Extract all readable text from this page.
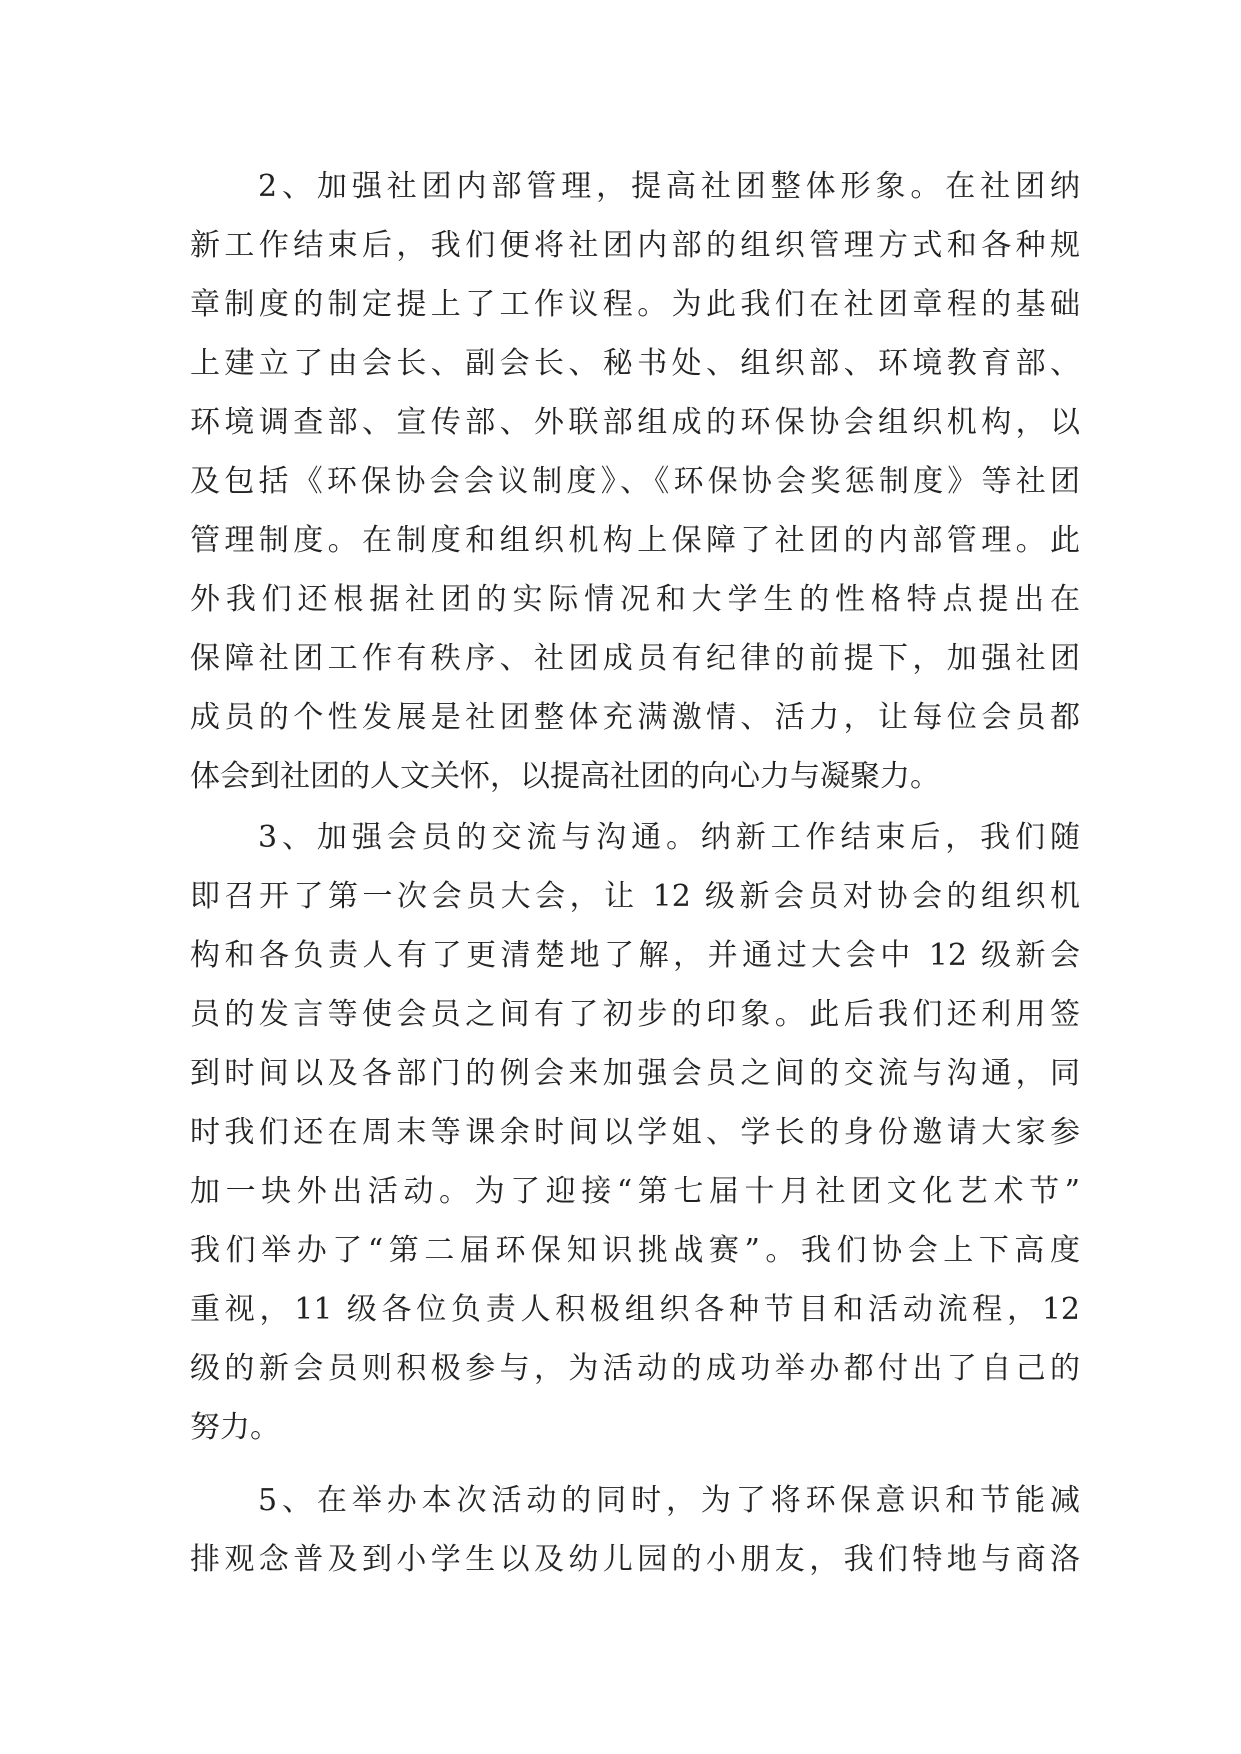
2、加强社团内部管理，提高社团整体形象。在社团纳
新工作结束后，我们便将社团内部的组织管理方式和各种规
章制度的制定提上了工作议程。为此我们在社团章程的基础
上建立了由会长、副会长、秘书处、组织部、环境教育部、
环境调查部、宣传部、外联部组成的环保协会组织机构，以
及包括《环保协会会议制度》、《环保协会奖惩制度》等社团
管理制度。在制度和组织机构上保障了社团的内部管理。此
外我们还根据社团的实际情况和大学生的性格特点提出在
保障社团工作有秩序、社团成员有纪律的前提下，加强社团
成员的个性发展是社团整体充满激情、活力，让每位会员都
体会到社团的人文关怀，以提高社团的向心力与凝聚力。
3、加强会员的交流与沟通。纳新工作结束后，我们随
即召开了第一次会员大会，让 12 级新会员对协会的组织机
构和各负责人有了更清楚地了解，并通过大会中 12 级新会
员的发言等使会员之间有了初步的印象。此后我们还利用签
到时间以及各部门的例会来加强会员之间的交流与沟通，同
时我们还在周末等课余时间以学姐、学长的身份邀请大家参
加一块外出活动。为了迎接“第七届十月社团文化艺术节”
我们举办了“第二届环保知识挑战赛”。我们协会上下高度
重视，11 级各位负责人积极组织各种节目和活动流程，12
级的新会员则积极参与，为活动的成功举办都付出了自己的
努力。
5、在举办本次活动的同时，为了将环保意识和节能减
排观念普及到小学生以及幼儿园的小朋友，我们特地与商洛
